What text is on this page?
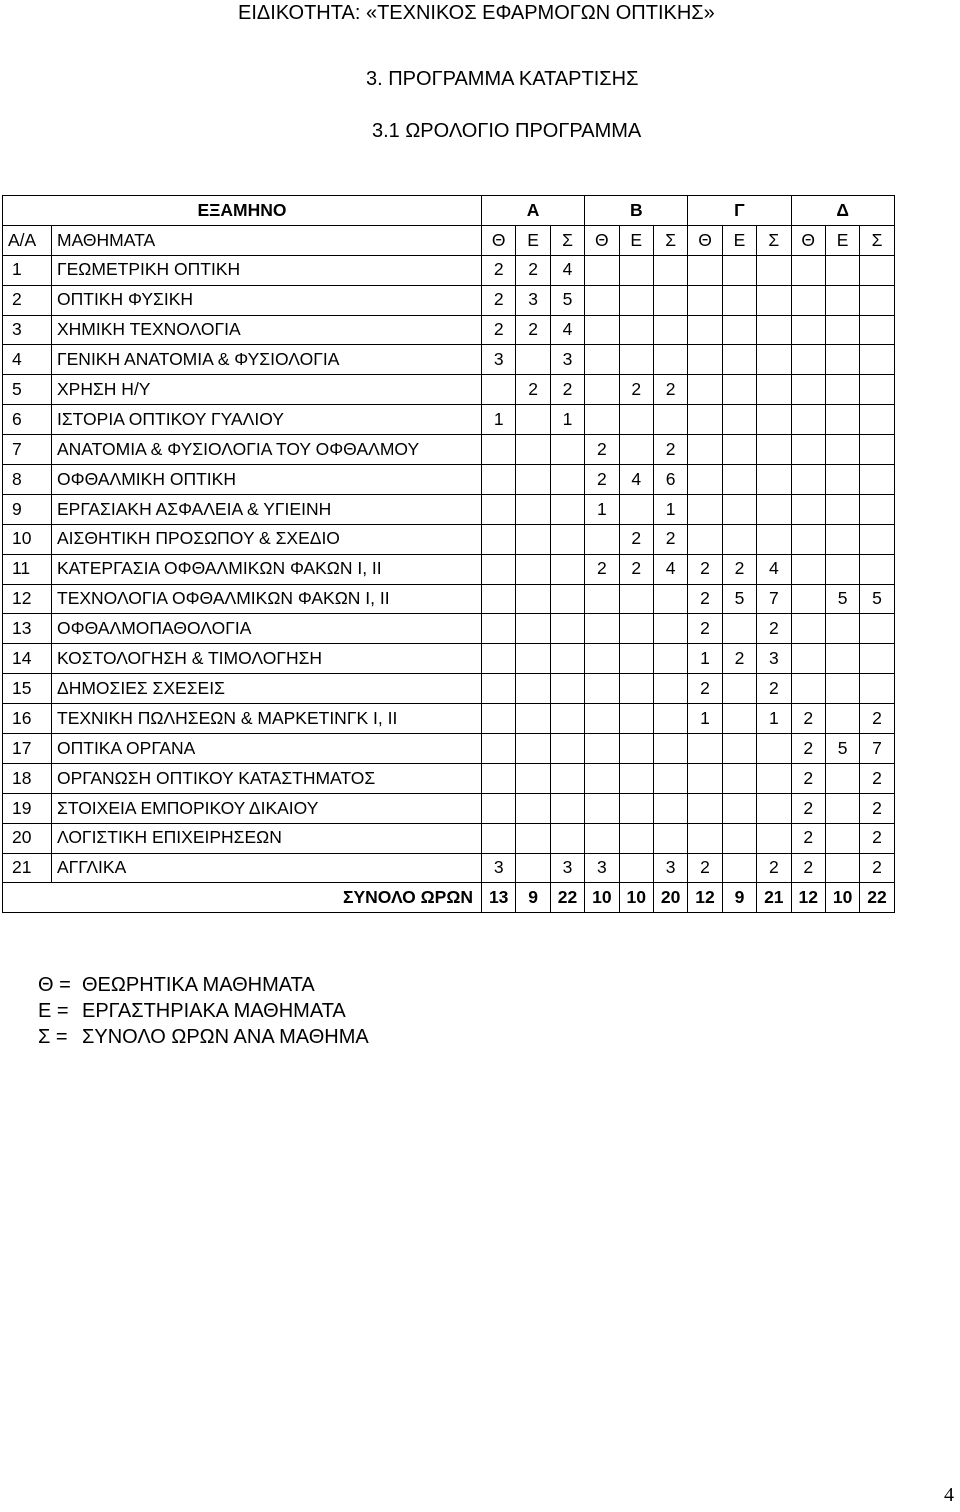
ΕΙΔΙΚΟΤΗΤΑ: «ΤΕΧΝΙΚΟΣ ΕΦΑΡΜΟΓΩΝ ΟΠΤΙΚΗΣ»
3. ΠΡΟΓΡΑΜΜΑ ΚΑΤΑΡΤΙΣΗΣ
3.1 ΩΡΟΛΟΓΙΟ ΠΡΟΓΡΑΜΜΑ
ΕΞΑΜΗΝΟ		Α			Β			Γ			Δ		
Α/Α	ΜΑΘΗΜΑΤΑ	Θ	Ε	Σ	Θ	Ε	Σ	Θ	Ε	Σ	Θ	Ε	Σ
1	ΓΕΩΜΕΤΡΙΚΗ ΟΠΤΙΚΗ	2	2	4									
2	ΟΠΤΙΚΗ ΦΥΣΙΚΗ	2	3	5									
3	ΧΗΜΙΚΗ ΤΕΧΝΟΛΟΓΙΑ	2	2	4									
4	ΓΕΝΙΚΗ ΑΝΑΤΟΜΙΑ & ΦΥΣΙΟΛΟΓΙΑ	3		3									
5	ΧΡΗΣΗ Η/Υ		2	2		2	2						
6	ΙΣΤΟΡΙΑ ΟΠΤΙΚΟΥ ΓΥΑΛΙΟΥ	1		1									
7	ΑΝΑΤΟΜΙΑ & ΦΥΣΙΟΛΟΓΙΑ ΤΟΥ ΟΦΘΑΛΜΟΥ				2		2						
8	ΟΦΘΑΛΜΙΚΗ ΟΠΤΙΚΗ				2	4	6						
9	ΕΡΓΑΣΙΑΚΗ ΑΣΦΑΛΕΙΑ & ΥΓΙΕΙΝΗ				1		1						
10	ΑΙΣΘΗΤΙΚΗ ΠΡΟΣΩΠΟΥ & ΣΧΕΔΙΟ					2	2						
11	ΚΑΤΕΡΓΑΣΙΑ ΟΦΘΑΛΜΙΚΩΝ ΦΑΚΩΝ Ι, ΙΙ				2	2	4	2	2	4			
12	ΤΕΧΝΟΛΟΓΙΑ ΟΦΘΑΛΜΙΚΩΝ ΦΑΚΩΝ Ι, ΙΙ							2	5	7		5	5
13	ΟΦΘΑΛΜΟΠΑΘΟΛΟΓΙΑ							2		2			
14	ΚΟΣΤΟΛΟΓΗΣΗ & ΤΙΜΟΛΟΓΗΣΗ							1	2	3			
15	ΔΗΜΟΣΙΕΣ ΣΧΕΣΕΙΣ							2		2			
16	ΤΕΧΝΙΚΗ ΠΩΛΗΣΕΩΝ & ΜΑΡΚΕΤΙΝΓΚ Ι, ΙΙ							1		1	2		2
17	ΟΠΤΙΚΑ ΟΡΓΑΝΑ										2	5	7
18	ΟΡΓΑΝΩΣΗ ΟΠΤΙΚΟΥ ΚΑΤΑΣΤΗΜΑΤΟΣ										2		2
19	ΣΤΟΙΧΕΙΑ ΕΜΠΟΡΙΚΟΥ ΔΙΚΑΙΟΥ										2		2
20	ΛΟΓΙΣΤΙΚΗ ΕΠΙΧΕΙΡΗΣΕΩΝ										2		2
21	ΑΓΓΛΙΚΑ	3		3	3		3	2		2	2		2
ΣΥΝΟΛΟ ΩΡΩΝ		13	9	22	10	10	20	12	9	21	12	10	22
Θ = ΘΕΩΡΗΤΙΚΑ ΜΑΘΗΜΑΤΑ
Ε = ΕΡΓΑΣΤΗΡΙΑΚΑ ΜΑΘΗΜΑΤΑ
Σ = ΣΥΝΟΛΟ ΩΡΩΝ ΑΝΑ ΜΑΘΗΜΑ
4
